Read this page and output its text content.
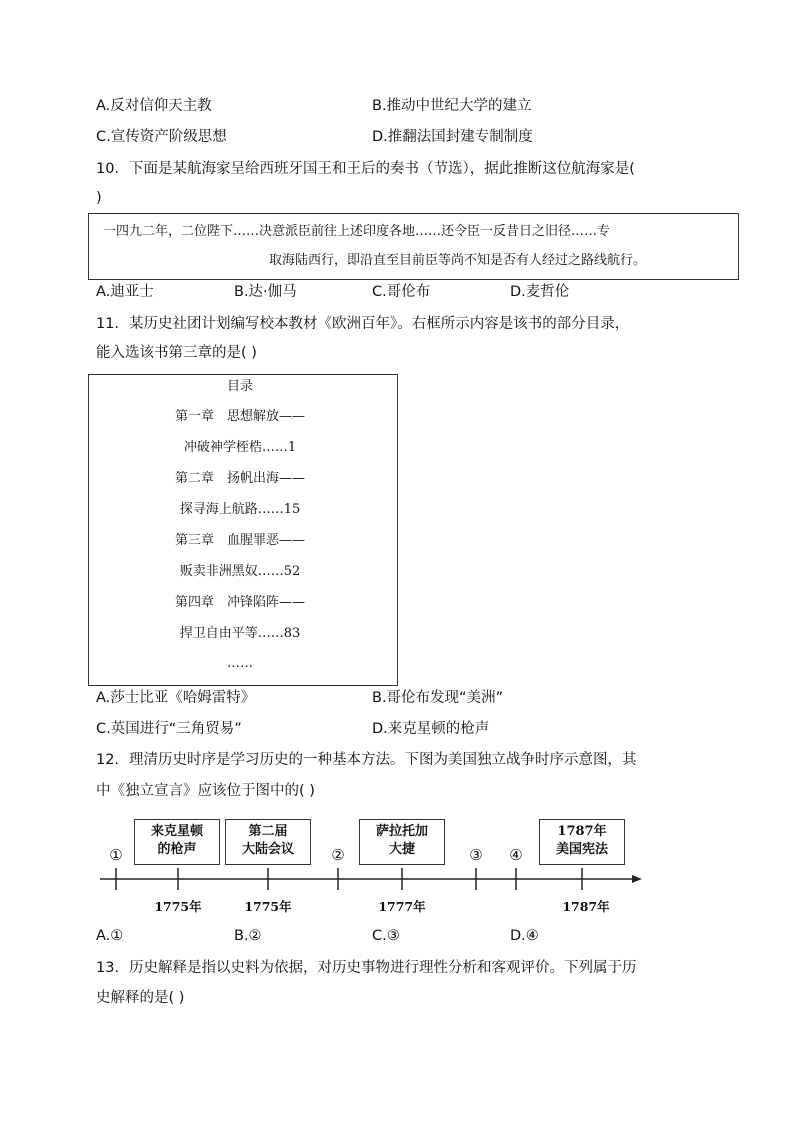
A.反对信仰天主教	B.推动中世纪大学的建立
C.宣传资产阶级思想	D.推翻法国封建专制制度
10．下面是某航海家呈给西班牙国王和王后的奏书（节选），据此推断这位航海家是(
)
一四九二年，二位陛下……决意派臣前往上述印度各地……还令臣一反昔日之旧径……专
取海陆西行，即沿直至目前臣等尚不知是否有人经过之路线航行。
A.迪亚士	B.达·伽马	C.哥伦布	D.麦哲伦
11．某历史社团计划编写校本教材《欧洲百年》。右框所示内容是该书的部分目录，
能入选该书第三章的是( )
目录
第一章　思想解放——
冲破神学桎梏……1
第二章　扬帆出海——
探寻海上航路……15
第三章　血腥罪恶——
贩卖非洲黑奴……52
第四章　冲锋陷阵——
捍卫自由平等……83
……
A.莎士比亚《哈姆雷特》	B.哥伦布发现“美洲”
C.英国进行“三角贸易”	D.来克星顿的枪声
12．理清历史时序是学习历史的一种基本方法。下图为美国独立战争时序示意图，其
中《独立宣言》应该位于图中的( )
①	②	③	④
来克星顿
的枪声
第二届
大陆会议
萨拉托加
大捷
1787年
美国宪法
1775年	1775年	1777年	1787年
A.①	B.②	C.③	D.④
13．历史解释是指以史料为依据，对历史事物进行理性分析和客观评价。下列属于历
史解释的是( )
